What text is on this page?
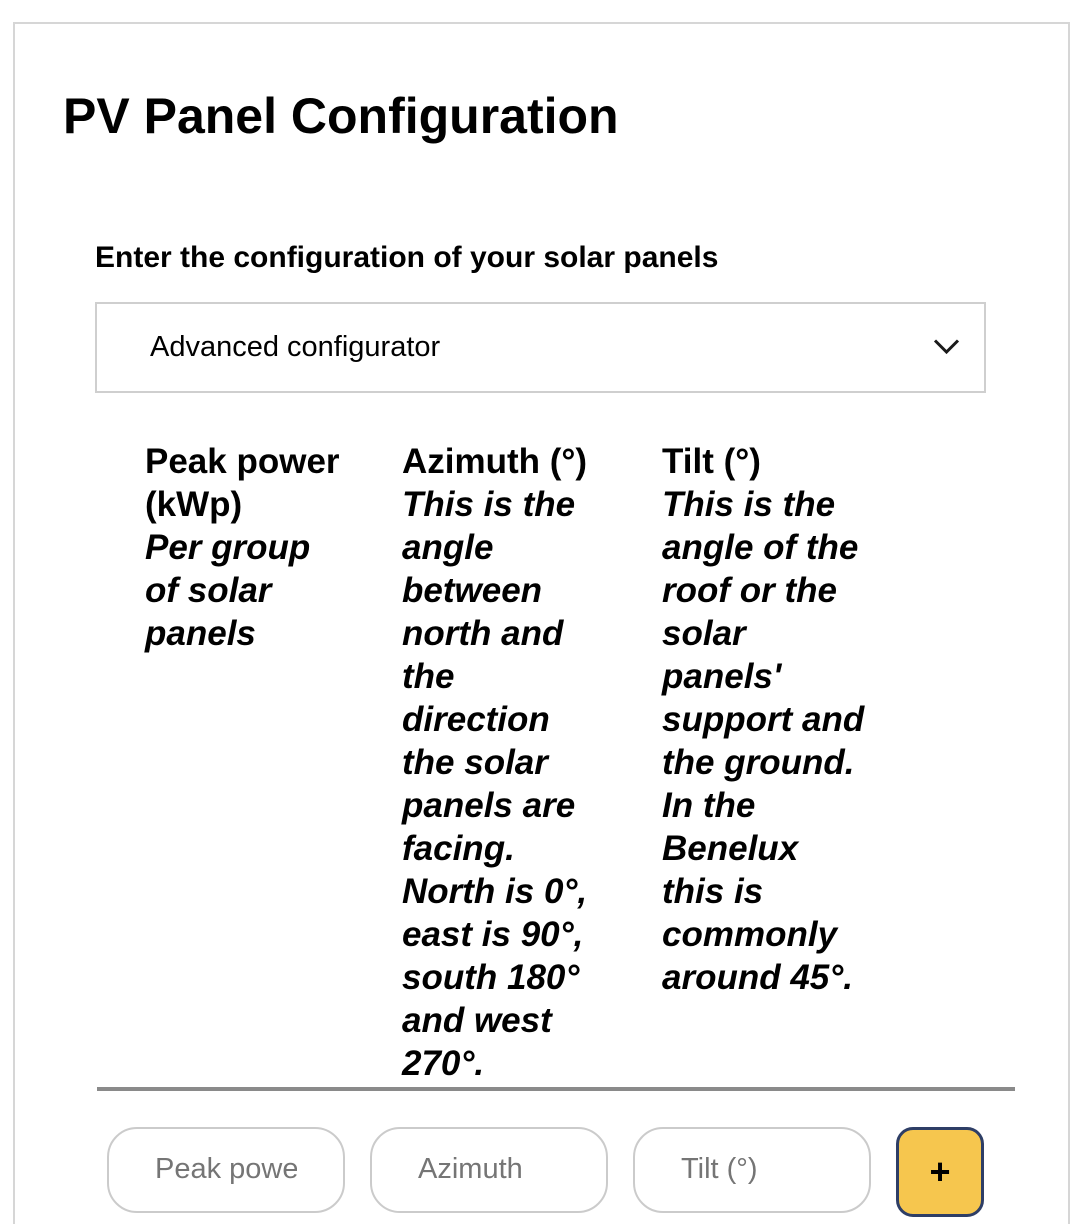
PV Panel Configuration
Enter the configuration of your solar panels
Advanced configurator
Peak power (kWp)
Per group of solar panels
Azimuth (°)
This is the angle between north and the direction the solar panels are facing. North is 0°, east is 90°, south 180° and west 270°.
Tilt (°)
This is the angle of the roof or the solar panels' support and the ground. In the Benelux this is commonly around 45°.
Peak power (kWp)
Azimuth
Tilt (°)
+
